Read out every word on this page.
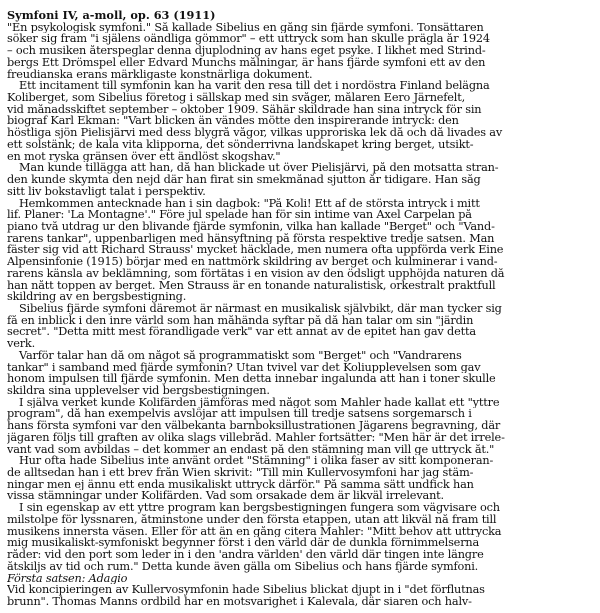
Symfoni IV, a-moll, op. 63 (1911)
"En psykologisk symfoni." Så kallade Sibelius en gång sin fjärde symfoni. Tonsättaren
söker sig fram "i själens oändliga gömmor" – ett uttryck som han skulle präglа år 1924
– och musiken återspeglar denna djuplodning av hans eget psyke. I likhet med Strind-
bergs Ett Drömspel eller Edvard Munchs målningar, är hans fjärde symfoni ett av den
freudianska erans märkligaste konstnärliga dokument.
Ett incitament till symfonin kan ha varit den resa till det i nordöstra Finland belägna
Koliberget, som Sibelius företog i sällskap med sin svåger, målaren Eero Järnefelt,
vid månadsskiftet september – oktober 1909. Sähär skildrade han sina intryck för sin
biograf Karl Ekman: "Vart blicken än vändes mötte den inspirerande intryck: den
höstliga sjön Pielisjärvi med dess blygrå vågor, vilkas upproriska lek då och då livades av
ett solstänk; de kala vita klipporna, det sönderrivna landskapet kring berget, utsikt-
en mot ryska gränsen över ett ändlöst skogshav."
Man kunde tillägga att han, då han blickade ut över Pielisjärvi, på den motsatta stran-
den kunde skymta den nejd där han firat sin smekmånad sjutton år tidigare. Han såg
sitt liv bokstavligt talat i perspektiv.
Hemkommen antecknade han i sin dagbok: "På Koli! Ett af de största intryck i mitt
lif. Planer: 'La Montagne'." Före jul spelade han för sin intime van Axel Carpelan på
piano två utdrag ur den blivande fjärde symfonin, vilka han kallade "Berget" och "Vand-
rarens tankar", uppenbarligen med hänsyftning på första respektive tredje satsen. Man
fäster sig vid att Richard Strauss' mycket häcklade, men numera ofta uppförda verk Eine
Alpensinfonie (1915) börjar med en nattmörk skildring av berget och kulminerar i vand-
rarens känsla av beklämning, som förtätas i en vision av den ödsligt upphöjda naturen då
han nått toppen av berget. Men Strauss är en tonande naturalistisk, orkestralt praktfull
skildring av en bergsbestigning.
Sibelius fjärde symfoni däremot är närmast en musikalisk självbikt, där man tycker sig
få en inblick i den inre värld som han måhända syftar på då han talar om sin "järdin
secret". "Detta mitt mest förandligade verk" var ett annat av de epitet han gav detta
verk.
Varför talar han då om något så programmatiskt som "Berget" och "Vandrarens
tankar" i samband med fjärde symfonin? Utan tvivel var det Koliupplevelsen som gav
honom impulsen till fjärde symfonin. Men detta innebar ingalunda att han i toner skulle
skildra sina upplevelser vid bergsbestigningen.
I själva verket kunde Kolifärden jämföras med något som Mahler hade kallat ett "yttre
program", då han exempelvis avslöjar att impulsen till tredje satsens sorgemarsch i
hans första symfoni var den välbekanta barnboksillustrationen Jägarens begravning, där
jägaren följs till graften av olika slags villebråd. Mahler fortsätter: "Men här är det irrele-
vant vad som avbildas – det kommer an endast på den stämning man vill ge uttryck åt."
Hur ofta hade Sibelius inte använt ordet "Stämning" i olika faser av sitt komponeran-
de alltsedan han i ett brev från Wien skrivit: "Till min Kullervosymfoni har jag stäm-
ningar men ej ännu ett enda musikaliskt uttryck därför." På samma sätt undfick han
vissa stämningar under Kolifärden. Vad som orsakade dem är likväl irrelevant.
I sin egenskap av ett yttre program kan bergsbestigningen fungera som vägvisare och
milstolpe för lyssnaren, åtminstone under den första etappen, utan att likväl nå fram till
musikens innersta väsen. Eller för att än en gång citera Mahler: "Mitt behov att uttrycka
mig musikaliskt-symfoniskt begynner först i den värld där de dunkla förnimmelserna
råder: vid den port som leder in i den 'andra världen' den värld där tingen inte längre
åtskiljs av tid och rum." Detta kunde även gälla om Sibelius och hans fjärde symfoni.
Första satsen: Adagio
Vid koncipieringen av Kullervosymfonin hade Sibelius blickat djupt in i "det förflutnas
brunn". Thomas Manns ordbild har en motsvarighet i Kalevala, där siaren och halv-
